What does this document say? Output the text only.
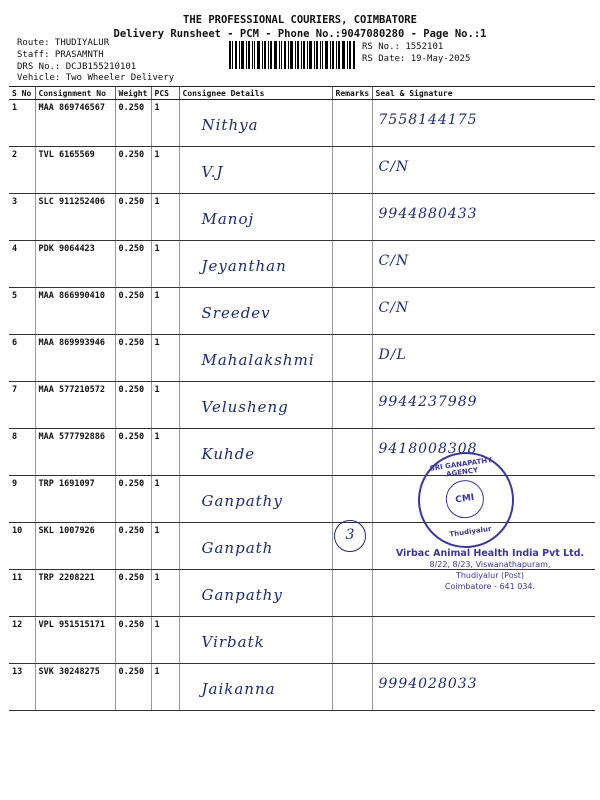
THE PROFESSIONAL COURIERS, COIMBATORE
Delivery Runsheet - PCM - Phone No.:9047080280 - Page No.:1
Route: THUDIYALUR
Staff: PRASAMNTH
DRS No.: DCJB155210101
Vehicle: Two Wheeler Delivery
RS No.: 1552101
RS Date: 19-May-2025
S No	Consignment No	Weight	PCS	Consignee Details	Remarks	Seal & Signature
1	MAA 869746567	0.250	1	Nithya		7558144175

2	TVL 6165569	0.250	1	V.J		C/N

3	SLC 911252406	0.250	1	Manoj		9944880433

4	PDK 9064423	0.250	1	Jeyanthan		C/N

5	MAA 866990410	0.250	1	Sreedev		C/N

6	MAA 869993946	0.250	1	Mahalakshmi		D/L

7	MAA 577210572	0.250	1	Velusheng		9944237989

8	MAA 577792886	0.250	1	Kuhde		9418008308

9	TRP 1691097	0.250	1	Ganpathy		

10	SKL 1007926	0.250	1	Ganpath		

11	TRP 2208221	0.250	1	Ganpathy		

12	VPL 951515171	0.250	1	Virbatk		

13	SVK 30248275	0.250	1	Jaikanna		9994028033
3
SRI GANAPATHY AGENCY
CMI
Thudiyalur
Virbac Animal Health India Pvt Ltd.
8/22, 8/23, Viswanathapuram,
Thudiyalur (Post)
Coimbatore - 641 034.
